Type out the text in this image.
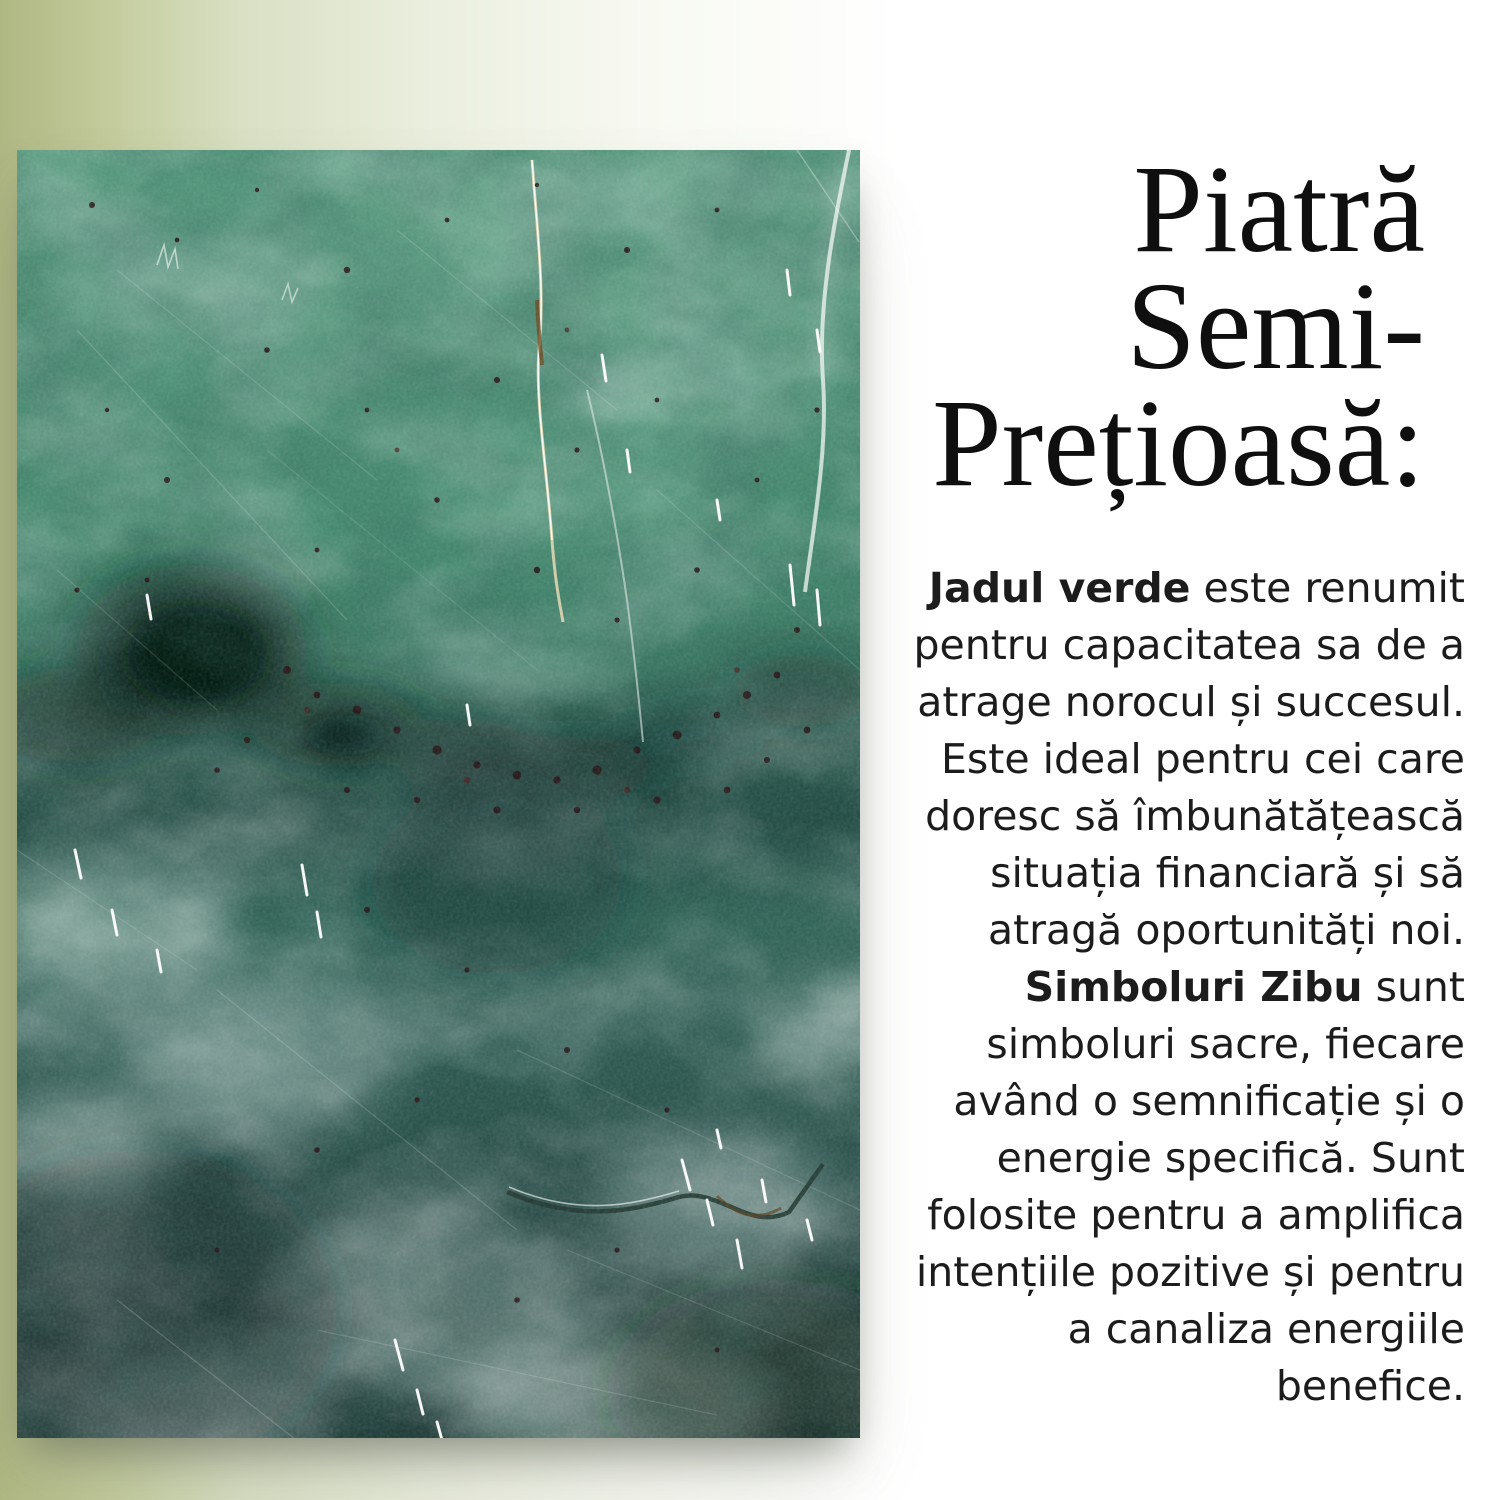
Piatră
Semi-
Prețioasă:
Jadul verde este renumit
pentru capacitatea sa de a
atrage norocul și succesul.
Este ideal pentru cei care
doresc să îmbunătățească
situația financiară și să
atragă oportunități noi.
Simboluri Zibu sunt
simboluri sacre, fiecare
având o semnificație și o
energie specifică. Sunt
folosite pentru a amplifica
intențiile pozitive și pentru
a canaliza energiile
benefice.
